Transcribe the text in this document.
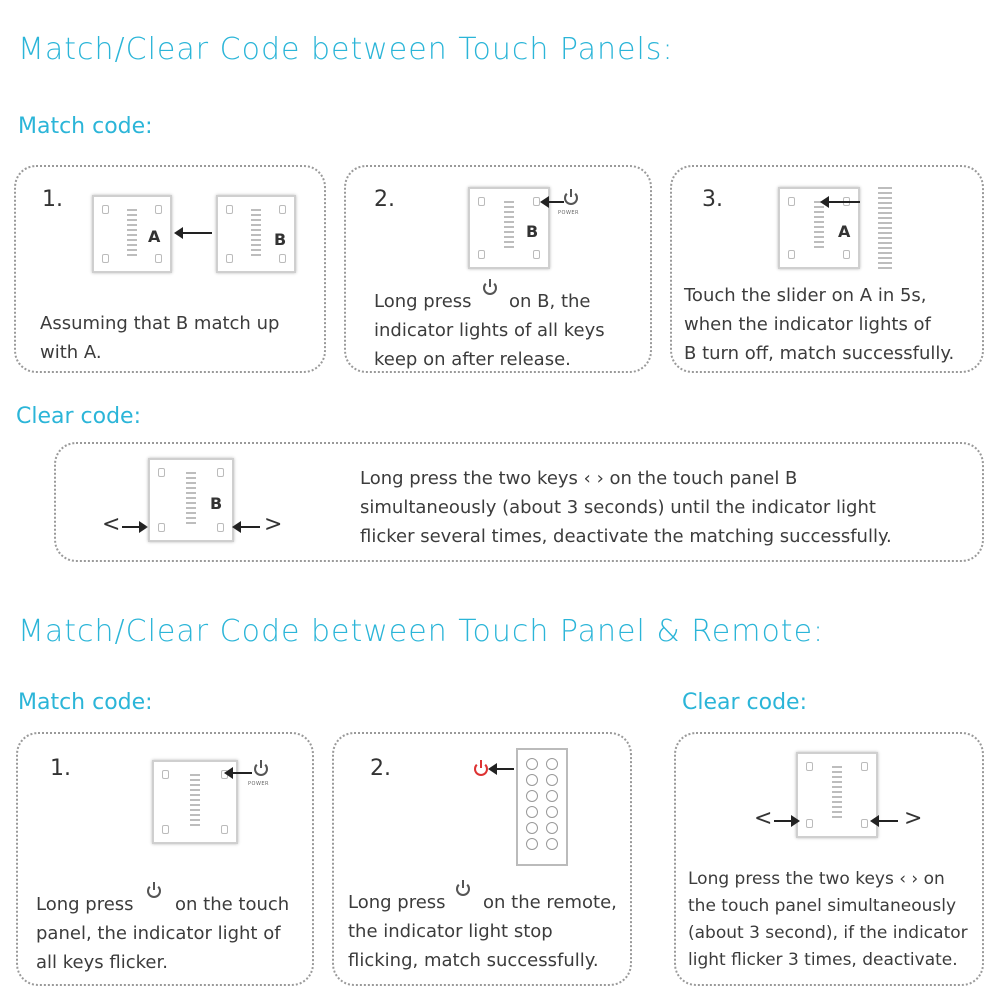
Match/Clear Code between Touch Panels:
Match code:
1.
A	B
Assuming that B match up with A.
2.
B
POWER
Long press on B, the
indicator lights of all keys
keep on after release.
3.
A
Touch the slider on A in 5s,
when the indicator lights of
B turn off, match successfully.
Clear code:
<
B
>
Long press the two keys ‹ › on the touch panel B
simultaneously (about 3 seconds) until the indicator light
flicker several times, deactivate the matching successfully.
Match/Clear Code between Touch Panel & Remote:
Match code:	Clear code:
1.
POWER
Long press on the touch
panel, the indicator light of
all keys flicker.
2.
Long press on the remote,
the indicator light stop
flicking, match successfully.
<	>
Long press the two keys ‹ › on
the touch panel simultaneously
(about 3 second), if the indicator
light flicker 3 times, deactivate.
